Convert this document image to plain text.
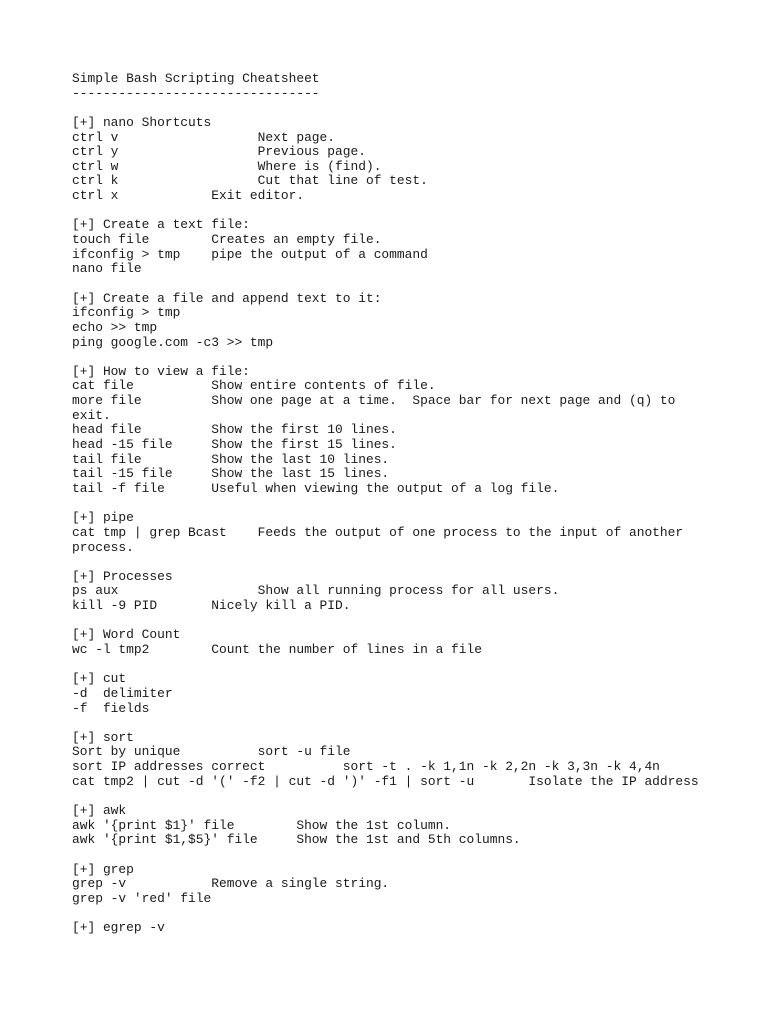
Simple Bash Scripting Cheatsheet
--------------------------------
[+] nano Shortcuts
ctrl v                  Next page.
ctrl y                  Previous page.
ctrl w                  Where is (find).
ctrl k                  Cut that line of test.
ctrl x            Exit editor.
[+] Create a text file:
touch file        Creates an empty file.
ifconfig > tmp    pipe the output of a command
nano file
[+] Create a file and append text to it:
ifconfig > tmp
echo >> tmp
ping google.com -c3 >> tmp
[+] How to view a file:
cat file          Show entire contents of file.
more file         Show one page at a time.  Space bar for next page and (q) to
exit.
head file         Show the first 10 lines.
head -15 file     Show the first 15 lines.
tail file         Show the last 10 lines.
tail -15 file     Show the last 15 lines.
tail -f file      Useful when viewing the output of a log file.
[+] pipe
cat tmp | grep Bcast    Feeds the output of one process to the input of another
process.
[+] Processes
ps aux                  Show all running process for all users.
kill -9 PID       Nicely kill a PID.
[+] Word Count
wc -l tmp2        Count the number of lines in a file
[+] cut
-d  delimiter
-f  fields
[+] sort
Sort by unique          sort -u file
sort IP addresses correct          sort -t . -k 1,1n -k 2,2n -k 3,3n -k 4,4n
cat tmp2 | cut -d '(' -f2 | cut -d ')' -f1 | sort -u       Isolate the IP address
[+] awk
awk '{print $1}' file        Show the 1st column.
awk '{print $1,$5}' file     Show the 1st and 5th columns.
[+] grep
grep -v           Remove a single string.
grep -v 'red' file
[+] egrep -v
